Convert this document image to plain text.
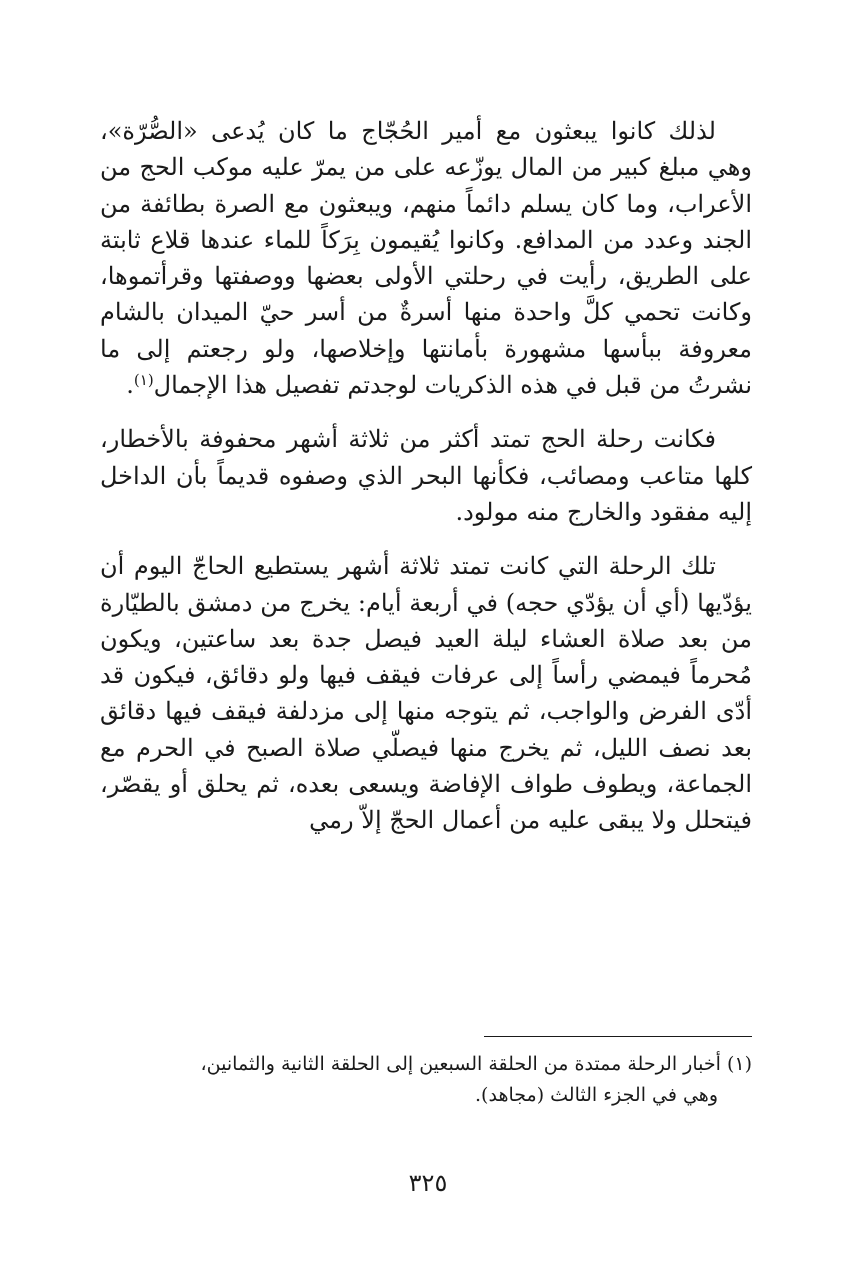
لذلك كانوا يبعثون مع أمير الحُجّاج ما كان يُدعى «الصُّرّة»، وهي مبلغ كبير من المال يوزّعه على من يمرّ عليه موكب الحج من الأعراب، وما كان يسلم دائماً منهم، ويبعثون مع الصرة بطائفة من الجند وعدد من المدافع. وكانوا يُقيمون بِرَكاً للماء عندها قلاع ثابتة على الطريق، رأيت في رحلتي الأولى بعضها ووصفتها وقرأتموها، وكانت تحمي كلَّ واحدة منها أسرةٌ من أسر حيّ الميدان بالشام معروفة ببأسها مشهورة بأمانتها وإخلاصها، ولو رجعتم إلى ما نشرتُ من قبل في هذه الذكريات لوجدتم تفصيل هذا الإجمال$^{(١)}$.

فكانت رحلة الحج تمتد أكثر من ثلاثة أشهر محفوفة بالأخطار، كلها متاعب ومصائب، فكأنها البحر الذي وصفوه قديماً بأن الداخل إليه مفقود والخارج منه مولود.

تلك الرحلة التي كانت تمتد ثلاثة أشهر يستطيع الحاجّ اليوم أن يؤدّيها (أي أن يؤدّي حجه) في أربعة أيام: يخرج من دمشق بالطيّارة من بعد صلاة العشاء ليلة العيد فيصل جدة بعد ساعتين، ويكون مُحرماً فيمضي رأساً إلى عرفات فيقف فيها ولو دقائق، فيكون قد أدّى الفرض والواجب، ثم يتوجه منها إلى مزدلفة فيقف فيها دقائق بعد نصف الليل، ثم يخرج منها فيصلّي صلاة الصبح في الحرم مع الجماعة، ويطوف طواف الإفاضة ويسعى بعده، ثم يحلق أو يقصّر، فيتحلل ولا يبقى عليه من أعمال الحجّ إلاّ رمي

(١) أخبار الرحلة ممتدة من الحلقة السبعين إلى الحلقة الثانية والثمانين،
وهي في الجزء الثالث (مجاهد).
٣٢٥
